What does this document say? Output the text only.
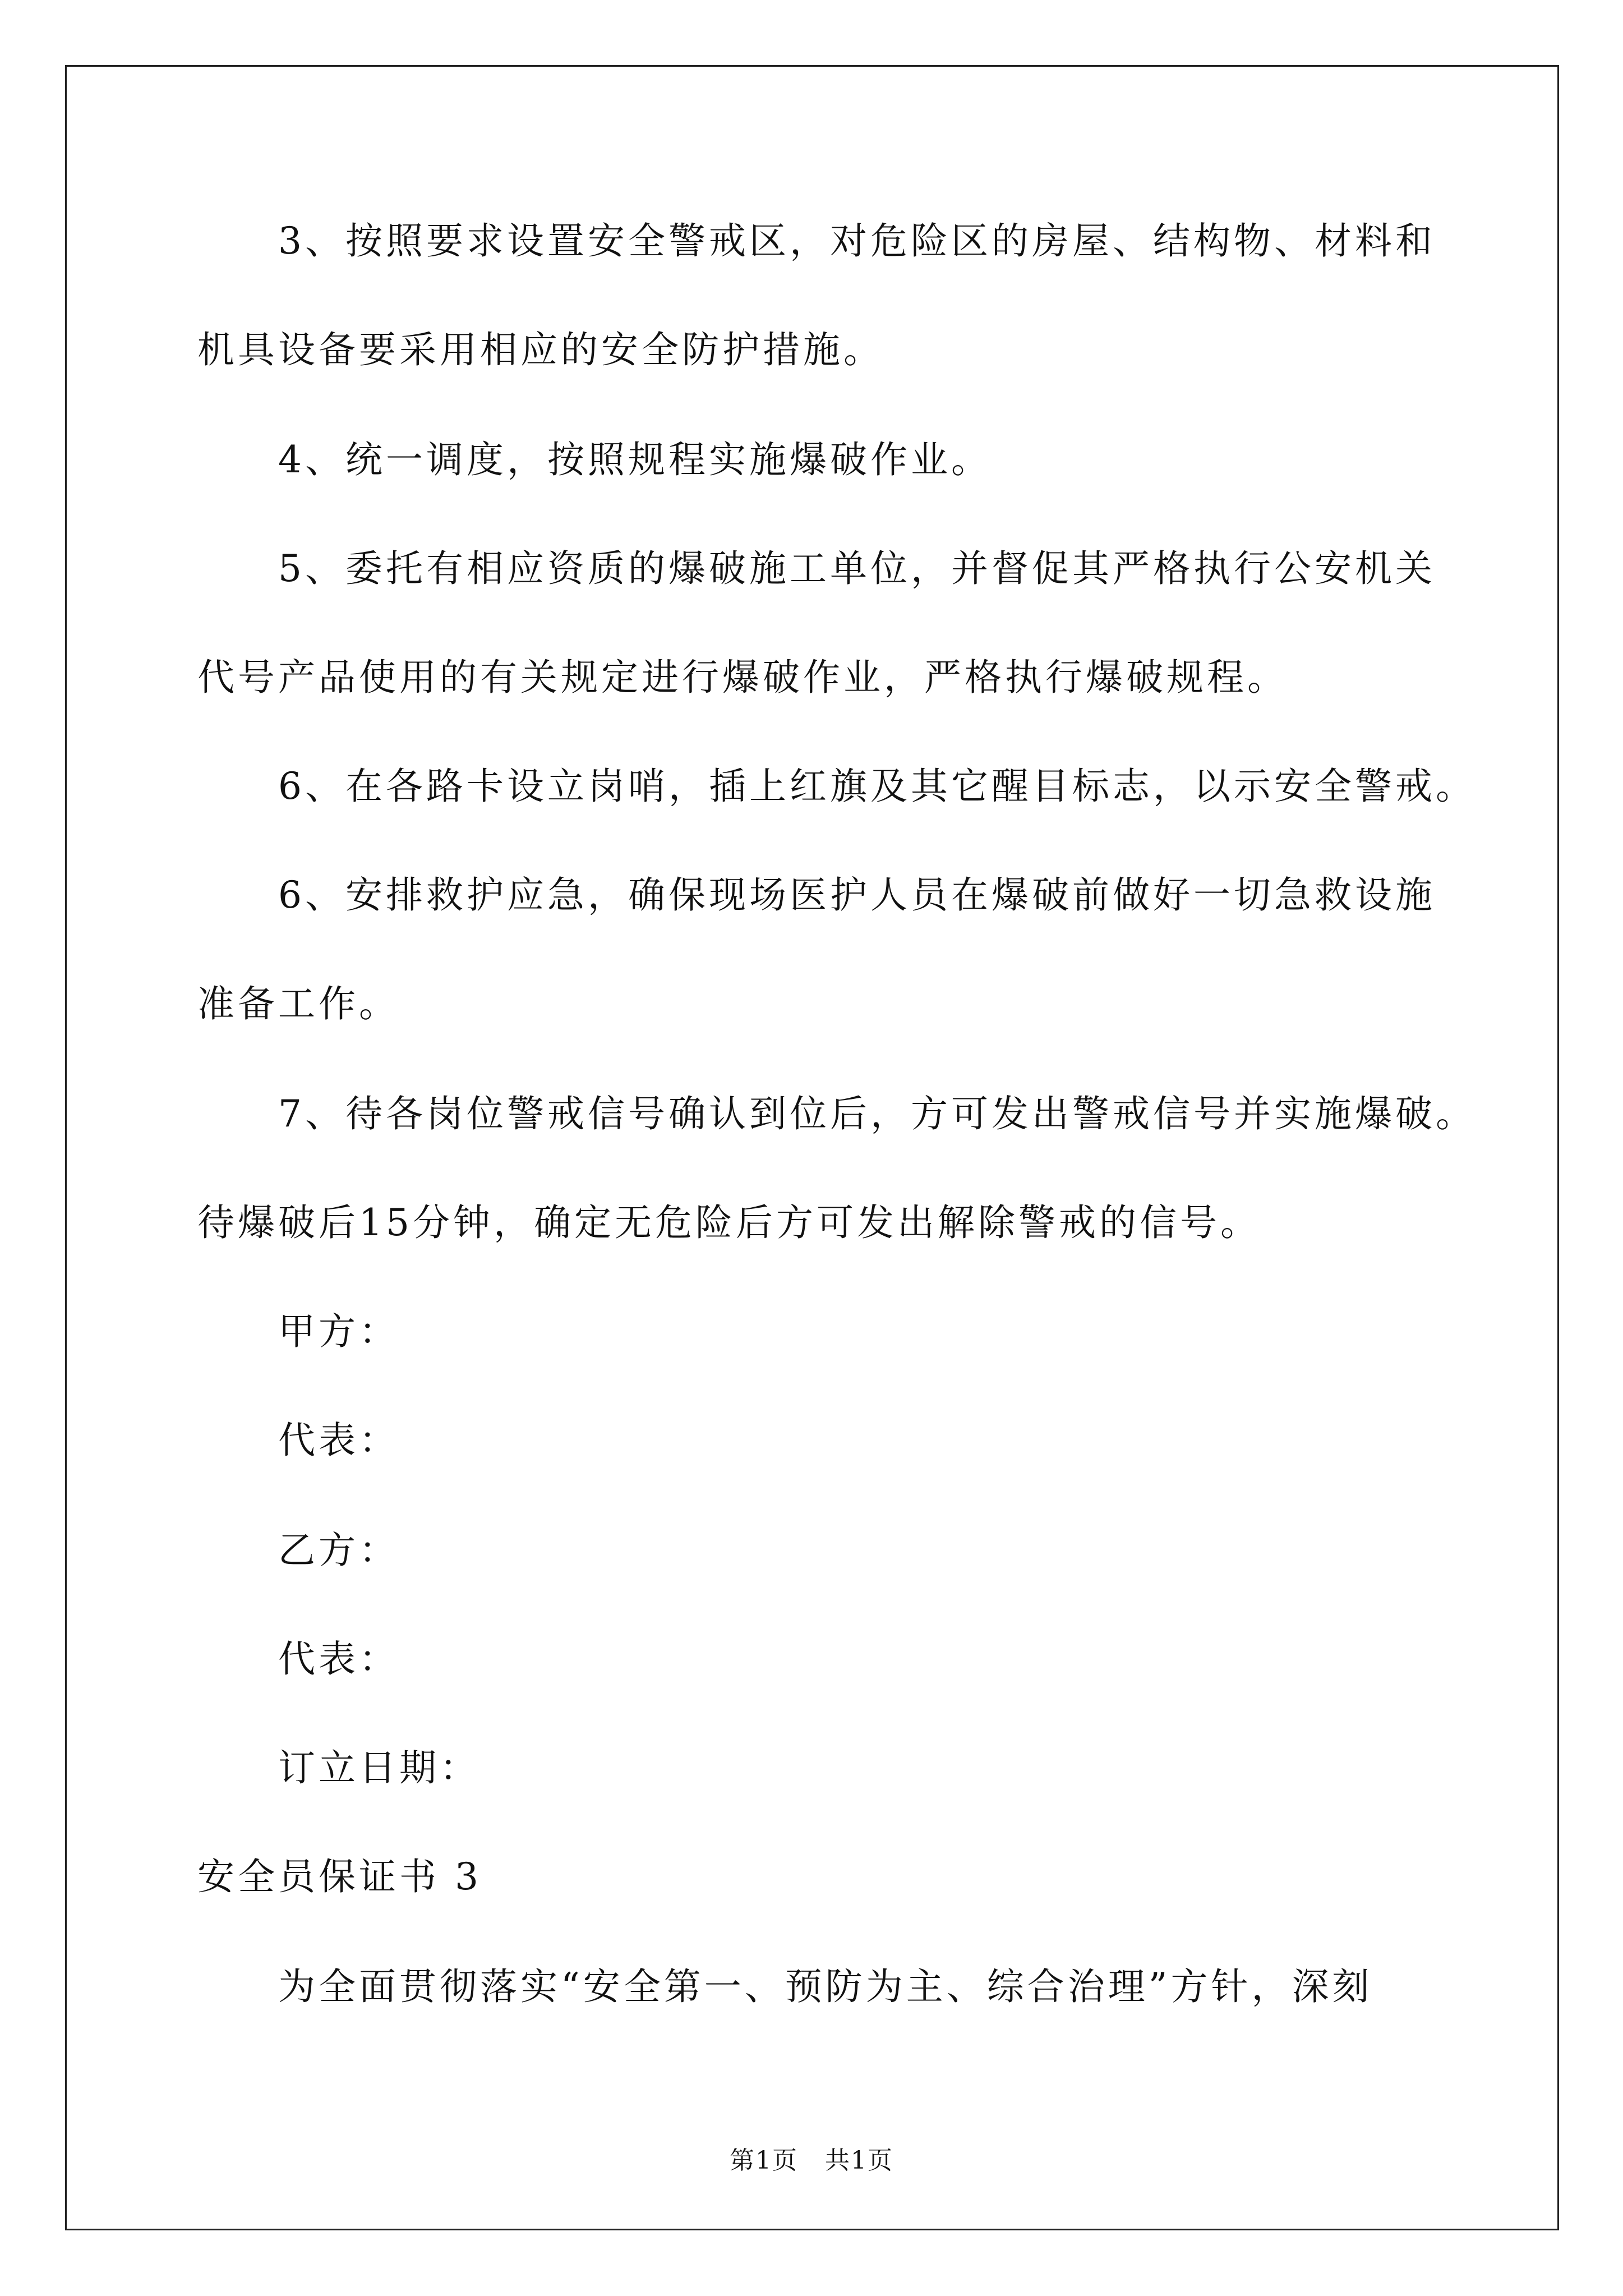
3、按照要求设置安全警戒区，对危险区的房屋、结构物、材料和
机具设备要采用相应的安全防护措施。
4、统一调度，按照规程实施爆破作业。
5、委托有相应资质的爆破施工单位，并督促其严格执行公安机关
代号产品使用的有关规定进行爆破作业，严格执行爆破规程。
6、在各路卡设立岗哨，插上红旗及其它醒目标志，以示安全警戒。
6、安排救护应急，确保现场医护人员在爆破前做好一切急救设施
准备工作。
7、待各岗位警戒信号确认到位后，方可发出警戒信号并实施爆破。
待爆破后15分钟，确定无危险后方可发出解除警戒的信号。
甲方：
代表：
乙方：
代表：
订立日期：
安全员保证书 3
为全面贯彻落实“安全第一、预防为主、综合治理”方针，深刻
第1页 共1页
